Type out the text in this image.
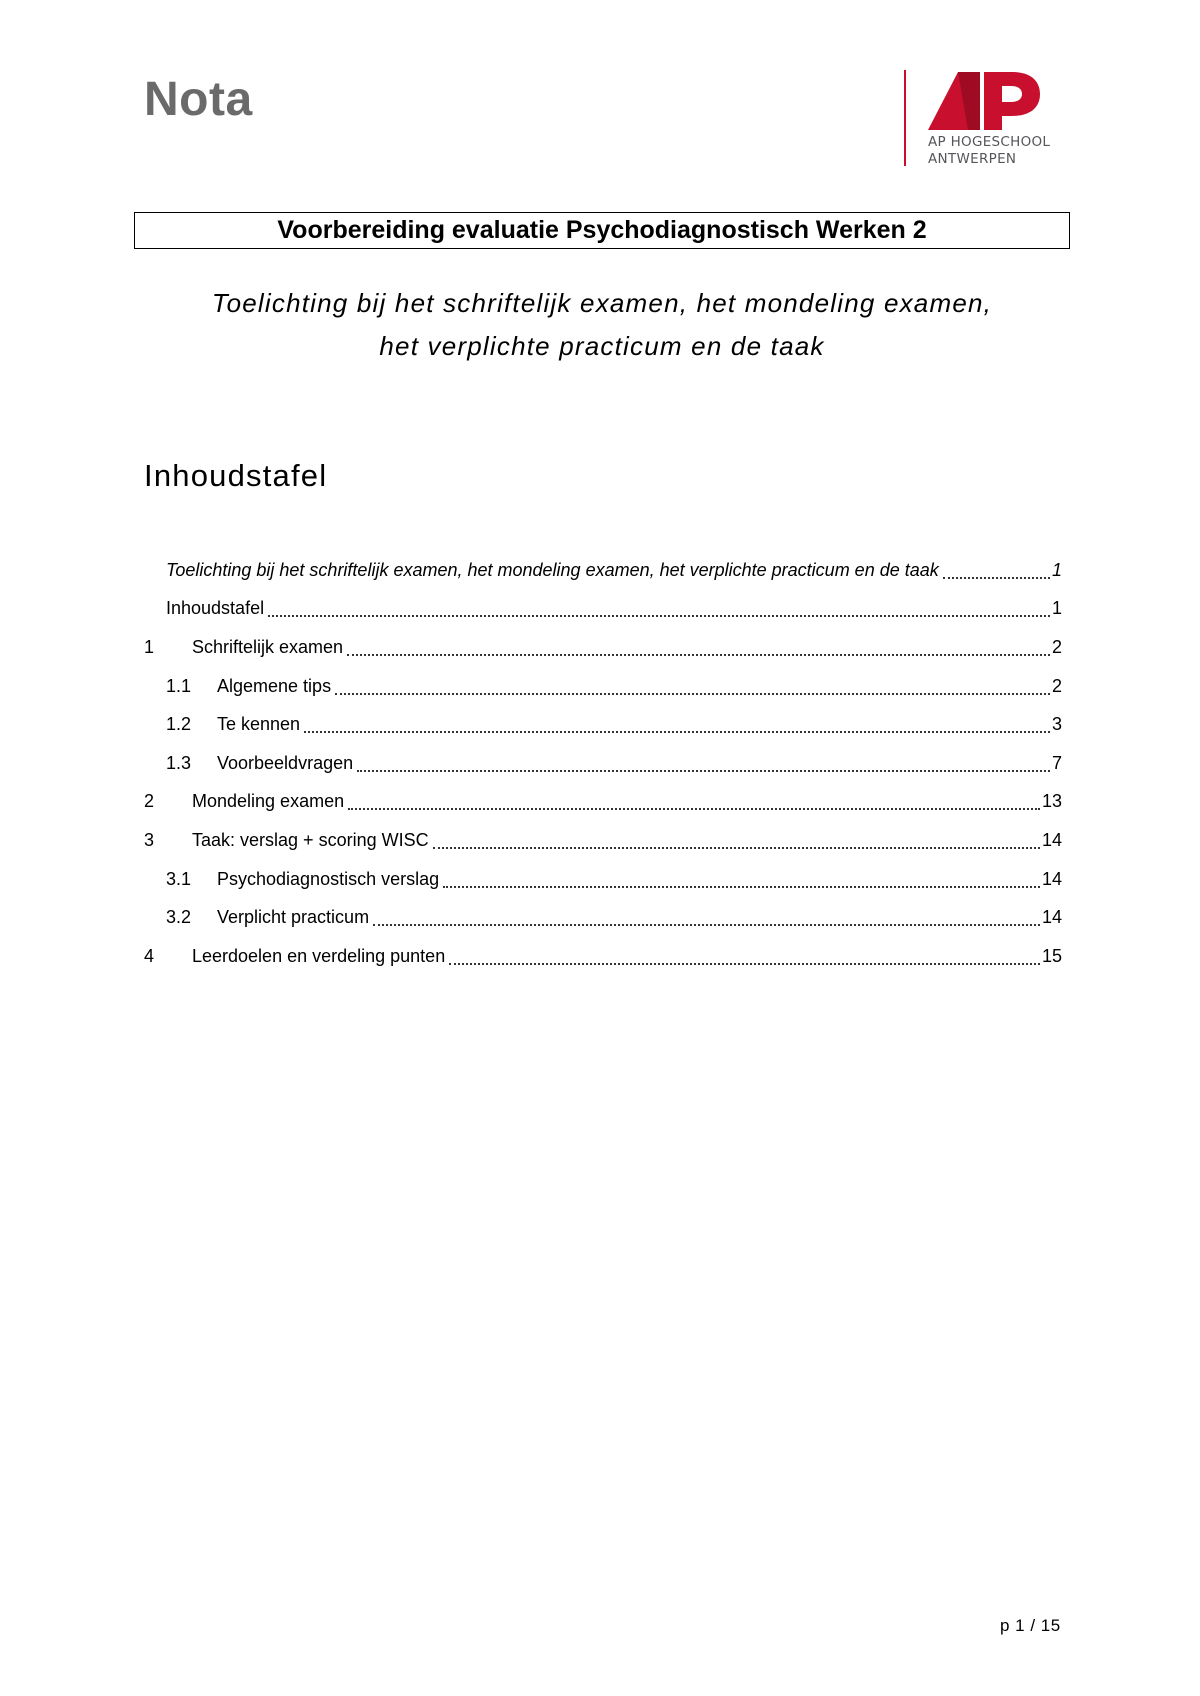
Nota
AP HOGESCHOOL
ANTWERPEN
Voorbereiding evaluatie Psychodiagnostisch Werken 2
Toelichting bij het schriftelijk examen, het mondeling examen,
het verplichte practicum en de taak
Inhoudstafel
Toelichting bij het schriftelijk examen, het mondeling examen, het verplichte practicum en de taak	1
Inhoudstafel	1
1	Schriftelijk examen	2
1.1	Algemene tips	2
1.2	Te kennen	3
1.3	Voorbeeldvragen	7
2	Mondeling examen	13
3	Taak: verslag + scoring WISC	14
3.1	Psychodiagnostisch verslag	14
3.2	Verplicht practicum	14
4	Leerdoelen en verdeling punten	15
p 1 / 15
